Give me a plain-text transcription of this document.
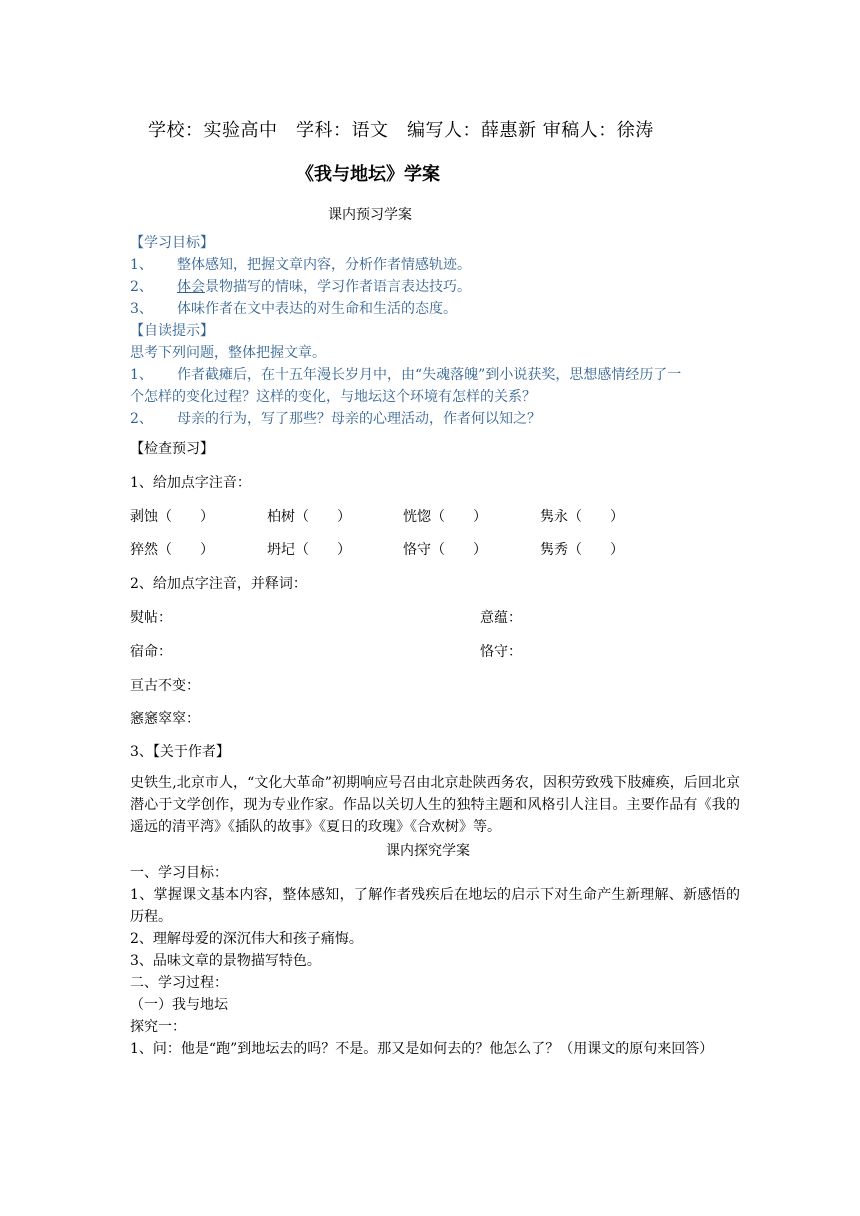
学校：实验高中　学科：语文　编写人：薛惠新 审稿人：徐涛
《我与地坛》学案
课内预习学案
【学习目标】
1、 整体感知，把握文章内容，分析作者情感轨迹。
2、 体会景物描写的情味，学习作者语言表达技巧。
3、 体味作者在文中表达的对生命和生活的态度。
【自读提示】
思考下列问题，整体把握文章。
1、 作者截瘫后，在十五年漫长岁月中，由“失魂落魄”到小说获奖，思想感情经历了一
个怎样的变化过程？这样的变化，与地坛这个环境有怎样的关系？
2、 母亲的行为，写了那些？母亲的心理活动，作者何以知之？
【检查预习】
1、给加点字注音：
剥蚀（　　）	柏树（　　）	恍惚（　　）	隽永（　　）
猝然（　　）	坍圮（　　）	恪守（　　）	隽秀（　　）
2、给加点字注音，并释词：
熨帖：	意蕴：
宿命：	恪守：
亘古不变：
窸窸窣窣：
3、【关于作者】
史铁生,北京市人，“文化大革命”初期响应号召由北京赴陕西务农，因积劳致残下肢瘫痪，后回北京潜心于文学创作，现为专业作家。作品以关切人生的独特主题和风格引人注目。主要作品有《我的遥远的清平湾》《插队的故事》《夏日的玫瑰》《合欢树》等。
课内探究学案
一、学习目标：
1、掌握课文基本内容，整体感知，了解作者残疾后在地坛的启示下对生命产生新理解、新感悟的历程。
2、理解母爱的深沉伟大和孩子痛悔。
3、品味文章的景物描写特色。
二、学习过程：
（一）我与地坛
探究一：
1、问：他是“跑”到地坛去的吗？不是。那又是如何去的？他怎么了？（用课文的原句来回答）
